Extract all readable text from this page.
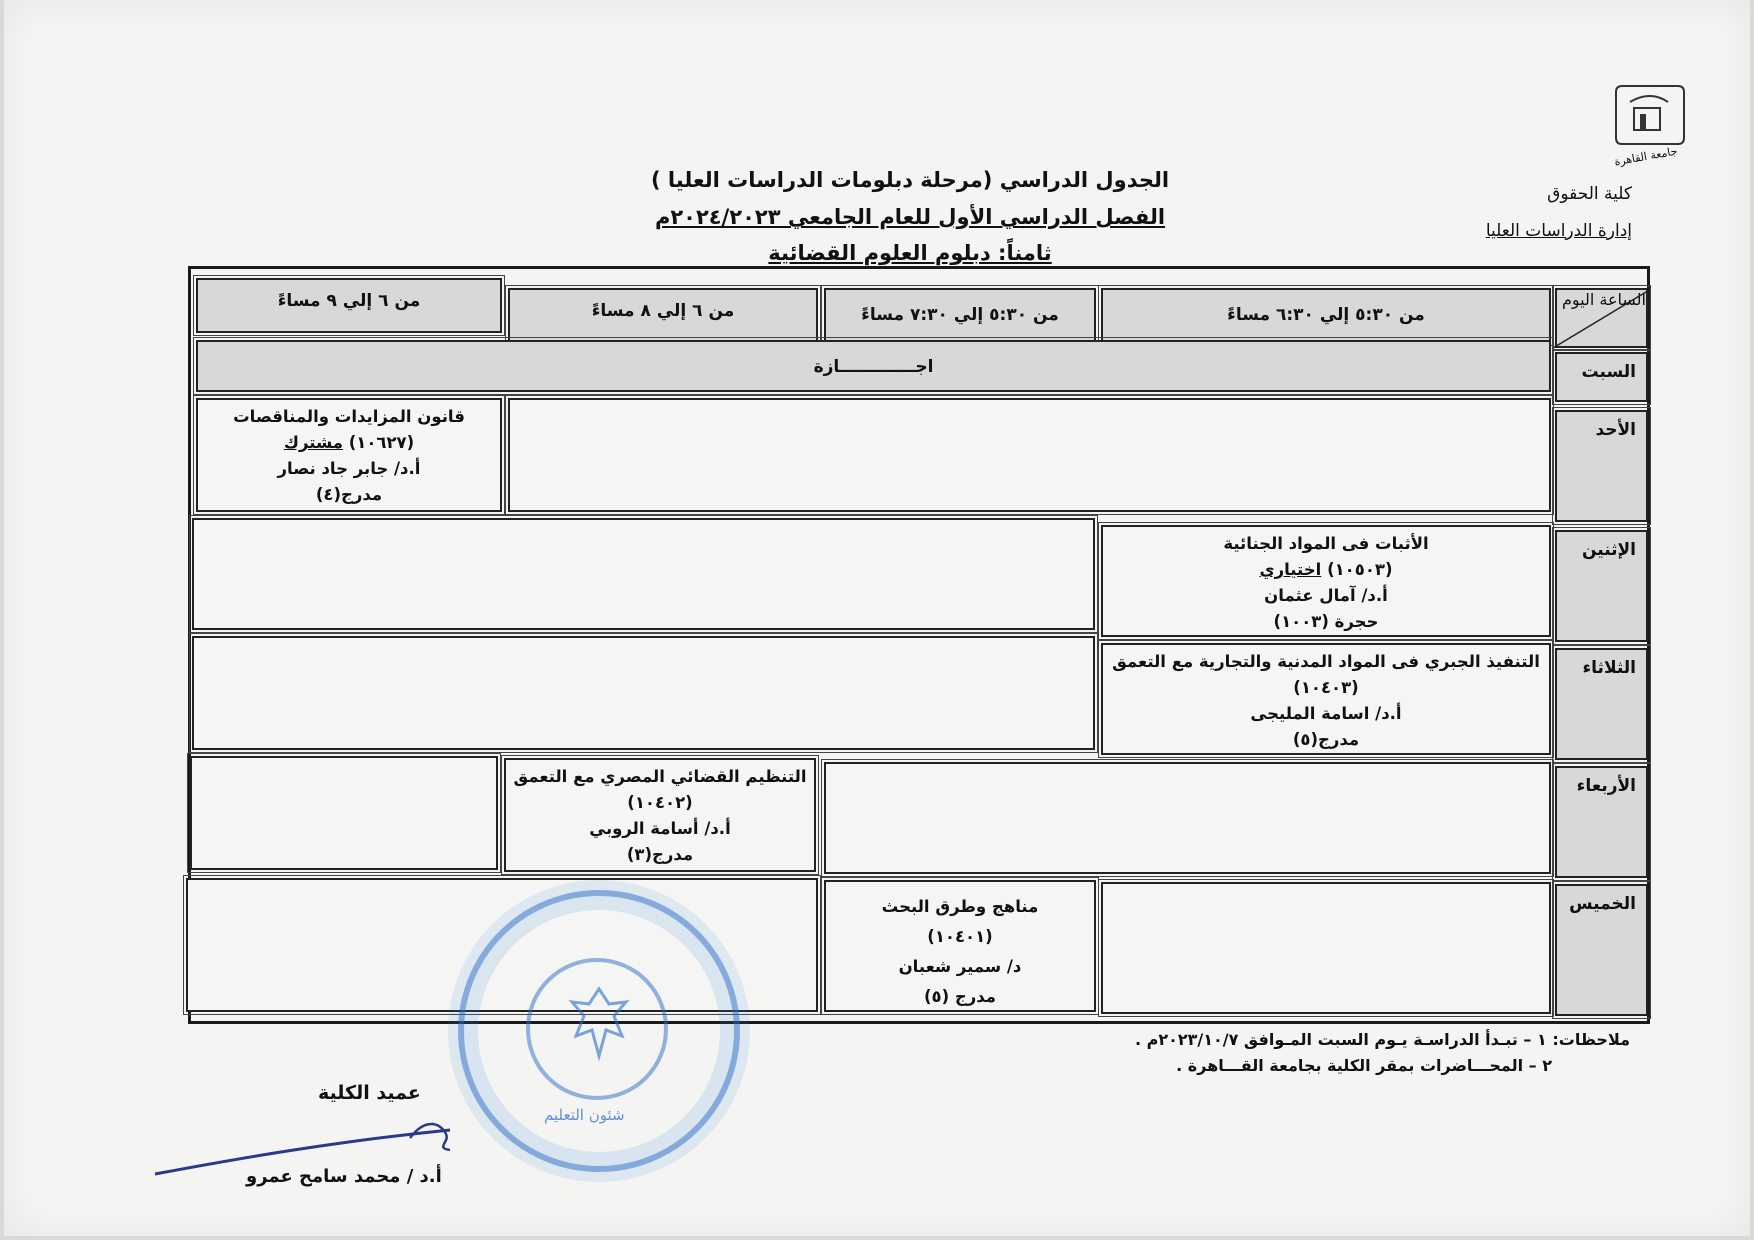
جامعة القاهرة
كلية الحقوق
إدارة الدراسات العليا
الجدول الدراسي (مرحلة دبلومات الدراسات العليا )
الفصل الدراسي الأول للعام الجامعي ٢٠٢٤/٢٠٢٣م
ثامناً: دبلوم العلوم القضائية
الساعة اليوم
من ٥:٣٠ إلي ٦:٣٠ مساءً
من ٥:٣٠ إلي ٧:٣٠ مساءً
من ٦ إلي ٨ مساءً
من ٦ إلي ٩ مساءً
السبت
اجـــــــــــــازة
الأحد
قانون المزايدات والمناقصات
(١٠٦٢٧) مشترك
أ.د/ جابر جاد نصار
مدرج(٤)
الإثنين
الأثبات فى المواد الجنائية
(١٠٥٠٣) اختياري
أ.د/ آمال عثمان
حجرة (١٠٠٣)
الثلاثاء
التنفيذ الجبري فى المواد المدنية والتجارية مع التعمق
(١٠٤٠٣)
أ.د/ اسامة المليجى
مدرج(٥)
الأربعاء
التنظيم القضائي المصري مع التعمق
(١٠٤٠٢)
أ.د/ أسامة الروبي
مدرج(٣)
الخميس
مناهج وطرق البحث
(١٠٤٠١)
د/ سمير شعبان
مدرج (٥)
ملاحظات: ١ – تبـدأ الدراسـة يـوم السبت المـوافق ٢٠٢٣/١٠/٧م .
٢ – المحـــاضرات بمقر الكلية بجامعة القـــاهرة .
شئون التعليم
عميد الكلية
أ.د / محمد سامح عمرو
